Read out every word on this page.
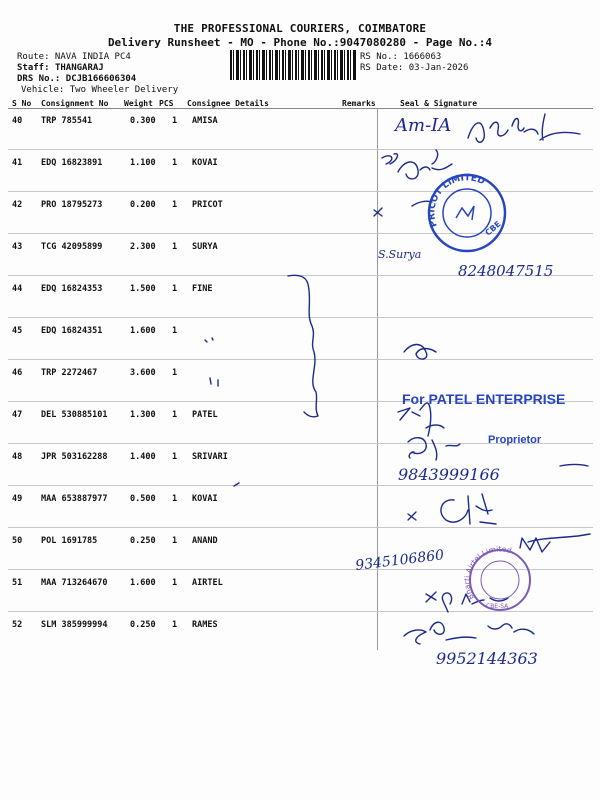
THE PROFESSIONAL COURIERS, COIMBATORE
Delivery Runsheet - MO - Phone No.:9047080280 - Page No.:4
Route: NAVA INDIA PC4
Staff: THANGARAJ
DRS No.: DCJB166606304
Vehicle: Two Wheeler Delivery
RS No.: 1666063
RS Date: 03-Jan-2026
S No Consignment No Weight PCS Consignee Details	Remarks	Seal & Signature
40 TRP 785541	0.300 1 AMISA
41 EDQ 16823891	1.100 1 KOVAI
42 PRO 18795273	0.200 1 PRICOT
43 TCG 42095899	2.300 1 SURYA
44 EDQ 16824353	1.500 1 FINE
45 EDQ 16824351	1.600 1
46 TRP 2272467	3.600 1
47 DEL 530885101	1.300 1 PATEL
48 JPR 503162288	1.400 1 SRIVARI
49 MAA 653887977	0.500 1 KOVAI
50 POL 1691785	0.250 1 ANAND
51 MAA 713264670	1.600 1 AIRTEL
52 SLM 385999994	0.250 1 RAMES
Am-IA
S.Surya
8248047515
9843999166
9345106860
9952144363
PRICOT LIMITED
CBE
For PATEL ENTERPRISE
Proprietor
Bharti Airtel Limited
CBE-SA
